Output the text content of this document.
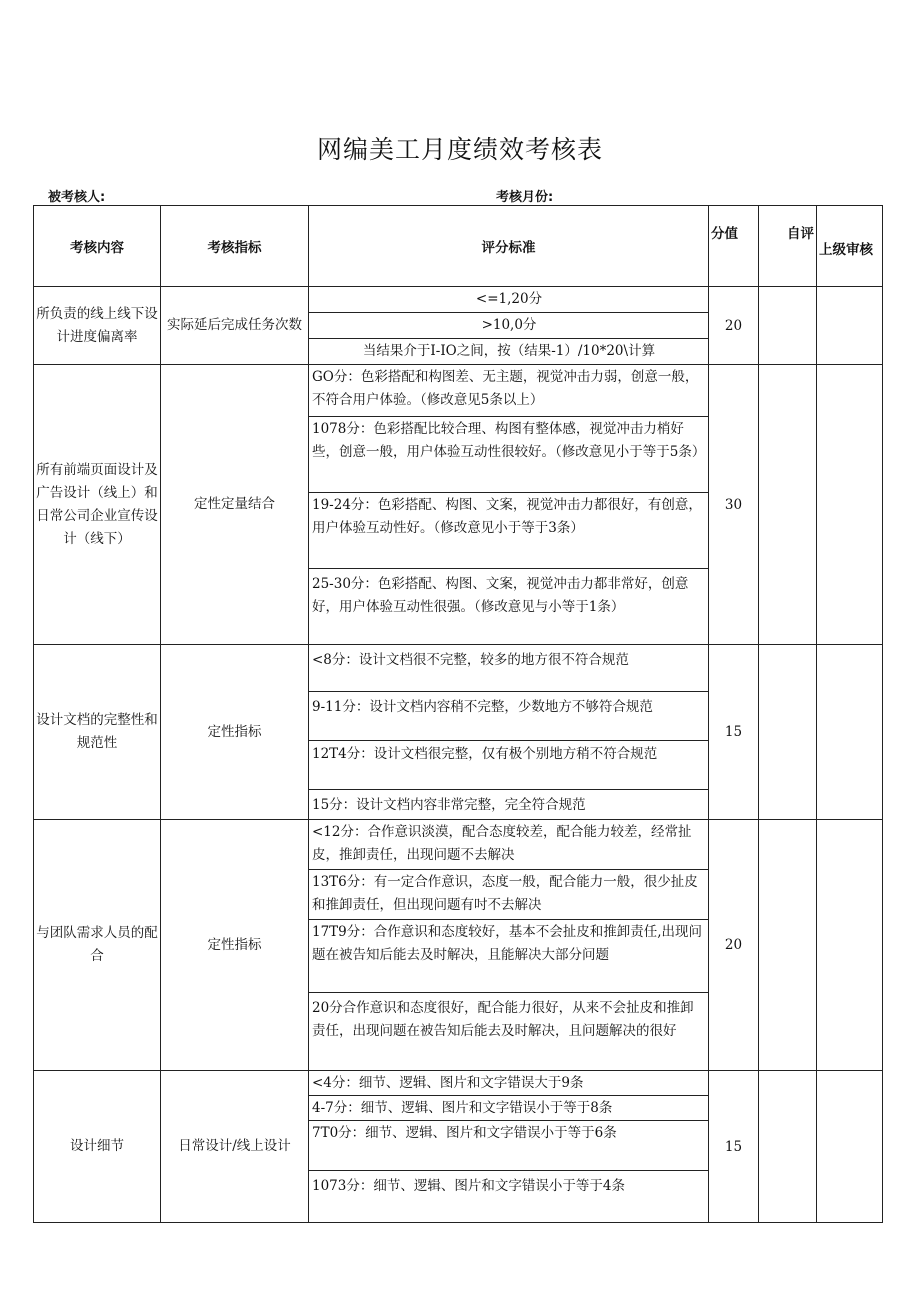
网编美工月度绩效考核表
被考核人:	考核月份:
考核内容	考核指标	评分标准	分值	自评	上级审核
所负责的线上线下设计进度偏离率	实际延后完成任务次数	<=1,20分
>10,0分
当结果介于I-IO之间，按（结果-1）/10*20\计算	20		
所有前端页面设计及广告设计（线上）和日常公司企业宣传设计（线下）	定性定量结合	GO分：色彩搭配和构图差、无主题，视觉冲击力弱，创意一般，不符合用户体验。（修改意见5条以上）
1078分：色彩搭配比较合理、构图有整体感，视觉冲击力梢好些，创意一般，用户体验互动性很较好。（修改意见小于等于5条）
19-24分：色彩搭配、构图、文案，视觉冲击力都很好，有创意，用户体验互动性好。（修改意见小于等于3条）
25-30分：色彩搭配、构图、文案，视觉冲击力都非常好，创意好，用户体验互动性很强。（修改意见与小等于1条）	30		
设计文档的完整性和规范性	定性指标	<8分：设计文档很不完整，较多的地方很不符合规范
9-11分：设计文档内容稍不完整，少数地方不够符合规范
12T4分：设计文档很完整，仅有极个别地方稍不符合规范
15分：设计文档内容非常完整，完全符合规范	15		
与团队需求人员的配合	定性指标	<12分：合作意识淡漠，配合态度较差，配合能力较差，经常扯皮，推卸责任，出现问题不去解决
13T6分：有一定合作意识，态度一般，配合能力一般，很少扯皮和推卸责任，但出现问题有吋不去解决
17T9分：合作意识和态度较好，基本不会扯皮和推卸责任,出现问题在被告知后能去及时解决，且能解决大部分问题
20分合作意识和态度很好，配合能力很好，从来不会扯皮和推卸责任，出现问题在被告知后能去及时解决，且问题解决的很好	20		
设计细节	日常设计/线上设计	<4分：细节、逻辑、图片和文字错误大于9条
4-7分：细节、逻辑、图片和文字错误小于等于8条
7T0分：细节、逻辑、图片和文字错误小于等于6条
1073分：细节、逻辑、图片和文字错误小于等于4条	15		
